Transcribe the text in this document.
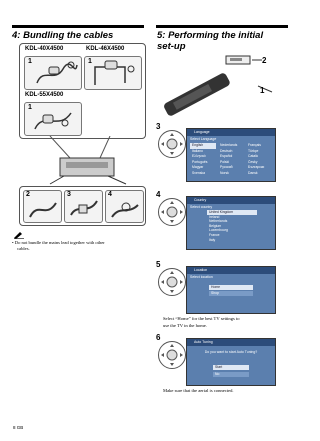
4: Bundling the cables
KDL-40X4500	KDL-46X4500
1	1
KDL-55X4500
1
2	3	4
• Do not bundle the mains lead together with other
cables.
5: Performing the initial
set-up
2
1
3
Language
Select Language
English	Nederlands	Français
Italiano	Deutsch	Türkçe
Ελληνικά	Español	Català
Português	Polski	Česky
Magyar	Русский	Български
Svenska	Norsk	Dansk
4
Country
Select country
United Kingdom
Ireland
Netherlands
Belgium
Luxembourg
France
Italy
5
Location
Select location
Home
Shop
Select “Home” for the best TV settings to
use the TV in the home.
6	Auto Tuning
Do you want to start Auto Tuning?
Start
No
Make sure that the aerial is connected.
8 GB
